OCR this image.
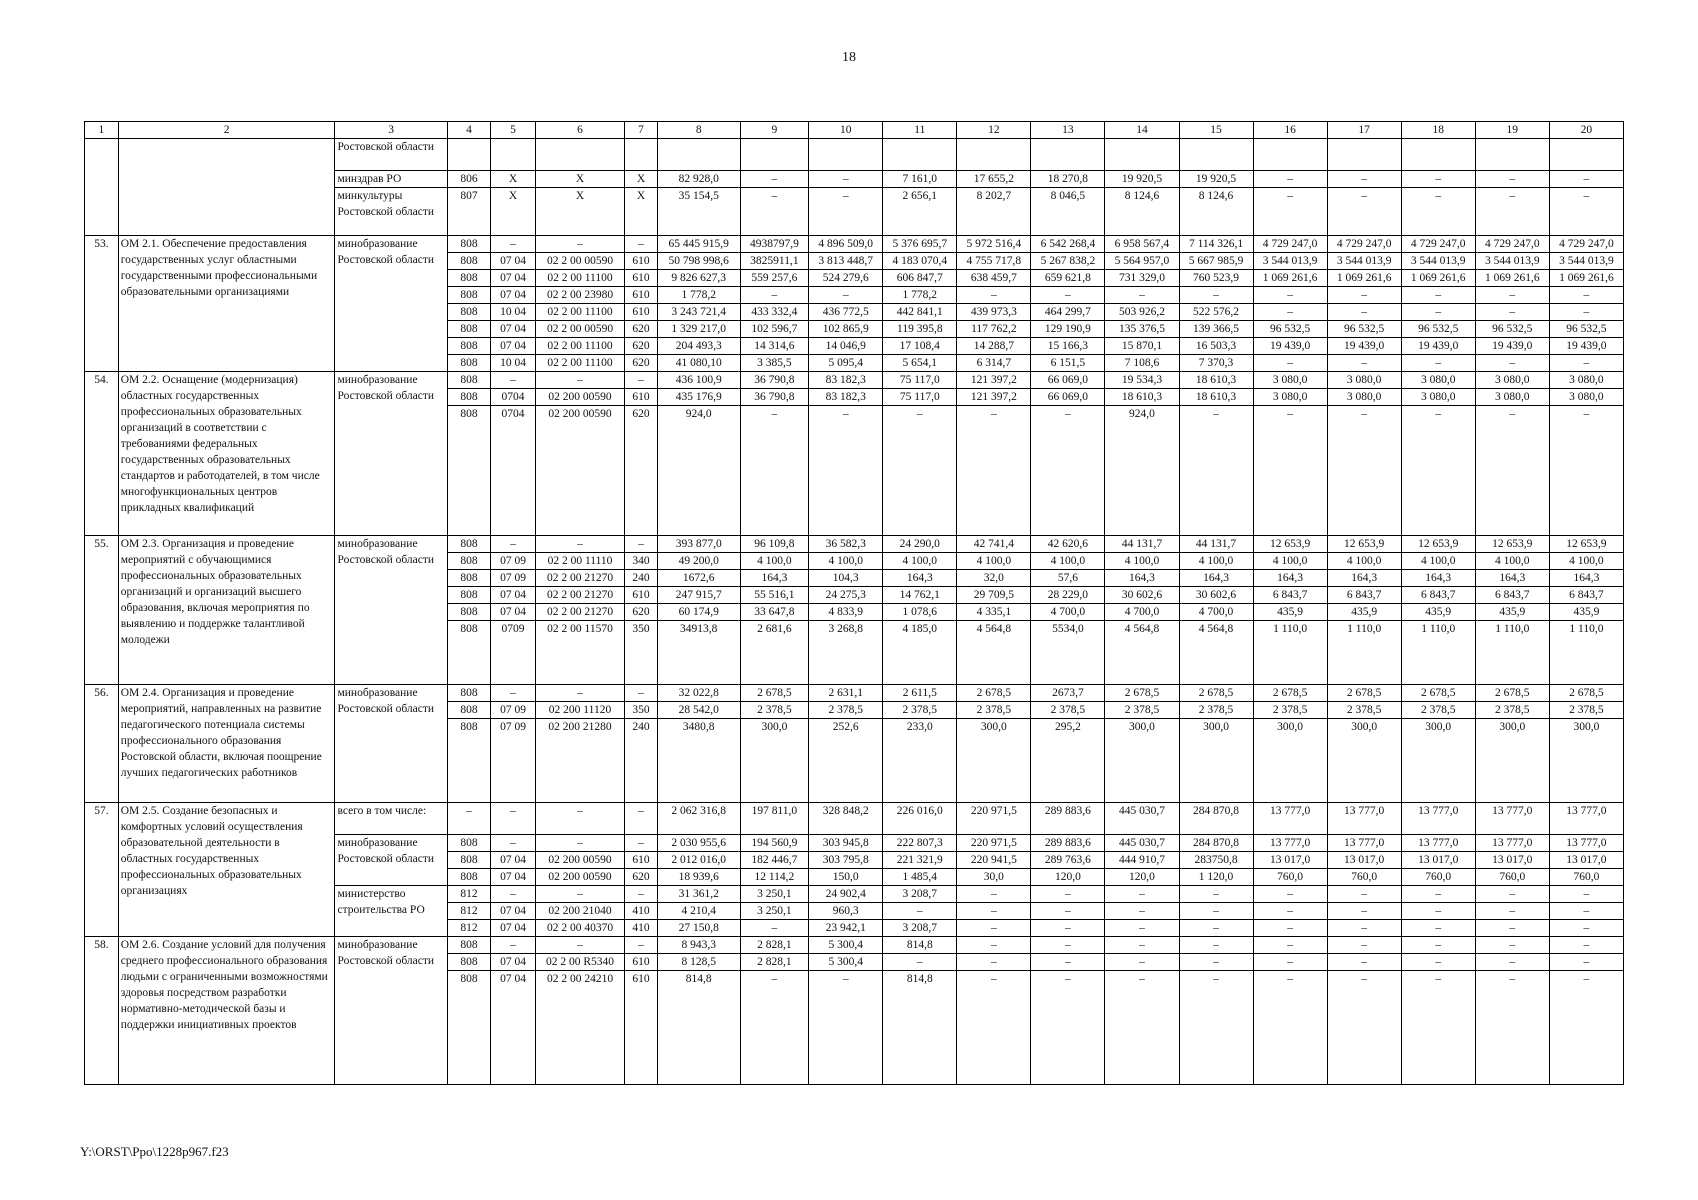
18
1	2	3	4	5	6	7	8	9	10	11	12	13	14	15	16	17	18	19	20

		Ростовской области																	

		минздрав РО	806	Х	Х	Х	82 928,0	–	–	7 161,0	17 655,2	18 270,8	19 920,5	19 920,5	–	–	–	–	–

		минкультуры Ростовской области	807	Х	Х	Х	35 154,5	–	–	2 656,1	8 202,7	8 046,5	8 124,6	8 124,6	–	–	–	–	–
53.	ОМ 2.1. Обеспечение предоставления государственных услуг областными государственными профессиональными образовательными организациями	минобразование Ростовской области	808	–	–	–	65 445 915,9	4938797,9	4 896 509,0	5 376 695,7	5 972 516,4	6 542 268,4	6 958 567,4	7 114 326,1	4 729 247,0	4 729 247,0	4 729 247,0	4 729 247,0	4 729 247,0
			808	07 04	02 2 00 00590	610	50 798 998,6	3825911,1	3 813 448,7	4 183 070,4	4 755 717,8	5 267 838,2	5 564 957,0	5 667 985,9	3 544 013,9	3 544 013,9	3 544 013,9	3 544 013,9	3 544 013,9
			808	07 04	02 2 00 11100	610	9 826 627,3	559 257,6	524 279,6	606 847,7	638 459,7	659 621,8	731 329,0	760 523,9	1 069 261,6	1 069 261,6	1 069 261,6	1 069 261,6	1 069 261,6
			808	07 04	02 2 00 23980	610	1 778,2	–	–	1 778,2	–	–	–	–	–	–	–	–	–
			808	10 04	02 2 00 11100	610	3 243 721,4	433 332,4	436 772,5	442 841,1	439 973,3	464 299,7	503 926,2	522 576,2	–	–	–	–	–
			808	07 04	02 2 00 00590	620	1 329 217,0	102 596,7	102 865,9	119 395,8	117 762,2	129 190,9	135 376,5	139 366,5	96 532,5	96 532,5	96 532,5	96 532,5	96 532,5
			808	07 04	02 2 00 11100	620	204 493,3	14 314,6	14 046,9	17 108,4	14 288,7	15 166,3	15 870,1	16 503,3	19 439,0	19 439,0	19 439,0	19 439,0	19 439,0
			808	10 04	02 2 00 11100	620	41 080,10	3 385,5	5 095,4	5 654,1	6 314,7	6 151,5	7 108,6	7 370,3	–	–	–	–	–
54.	ОМ 2.2. Оснащение (модернизация) областных государственных профессиональных образовательных организаций в соответствии с требованиями федеральных государственных образовательных стандартов и работодателей, в том числе многофункциональных центров прикладных квалификаций	минобразование Ростовской области	808	–	–	–	436 100,9	36 790,8	83 182,3	75 117,0	121 397,2	66 069,0	19 534,3	18 610,3	3 080,0	3 080,0	3 080,0	3 080,0	3 080,0
			808	0704	02 200 00590	610	435 176,9	36 790,8	83 182,3	75 117,0	121 397,2	66 069,0	18 610,3	18 610,3	3 080,0	3 080,0	3 080,0	3 080,0	3 080,0
			808	0704	02 200 00590	620	924,0	–	–	–	–	–	924,0	–	–	–	–	–	–
55.	ОМ 2.3. Организация и проведение мероприятий с обучающимися профессиональных образовательных организаций и организаций высшего образования, включая мероприятия по выявлению и поддержке талантливой молодежи	минобразование Ростовской области	808	–	–	–	393 877,0	96 109,8	36 582,3	24 290,0	42 741,4	42 620,6	44 131,7	44 131,7	12 653,9	12 653,9	12 653,9	12 653,9	12 653,9
			808	07 09	02 2 00 11110	340	49 200,0	4 100,0	4 100,0	4 100,0	4 100,0	4 100,0	4 100,0	4 100,0	4 100,0	4 100,0	4 100,0	4 100,0	4 100,0
			808	07 09	02 2 00 21270	240	1672,6	164,3	104,3	164,3	32,0	57,6	164,3	164,3	164,3	164,3	164,3	164,3	164,3
			808	07 04	02 2 00 21270	610	247 915,7	55 516,1	24 275,3	14 762,1	29 709,5	28 229,0	30 602,6	30 602,6	6 843,7	6 843,7	6 843,7	6 843,7	6 843,7
			808	07 04	02 2 00 21270	620	60 174,9	33 647,8	4 833,9	1 078,6	4 335,1	4 700,0	4 700,0	4 700,0	435,9	435,9	435,9	435,9	435,9
			808	0709	02 2 00 11570	350	34913,8	2 681,6	3 268,8	4 185,0	4 564,8	5534,0	4 564,8	4 564,8	1 110,0	1 110,0	1 110,0	1 110,0	1 110,0
56.	ОМ 2.4. Организация и проведение мероприятий, направленных на развитие педагогического потенциала системы профессионального образования Ростовской области, включая поощрение лучших педагогических работников	минобразование Ростовской области	808	–	–	–	32 022,8	2 678,5	2 631,1	2 611,5	2 678,5	2673,7	2 678,5	2 678,5	2 678,5	2 678,5	2 678,5	2 678,5	2 678,5
			808	07 09	02 200 11120	350	28 542,0	2 378,5	2 378,5	2 378,5	2 378,5	2 378,5	2 378,5	2 378,5	2 378,5	2 378,5	2 378,5	2 378,5	2 378,5
			808	07 09	02 200 21280	240	3480,8	300,0	252,6	233,0	300,0	295,2	300,0	300,0	300,0	300,0	300,0	300,0	300,0
57.	ОМ 2.5. Создание безопасных и комфортных условий осуществления образовательной деятельности в областных государственных профессиональных образовательных организациях	всего в том числе:	–	–	–	–	2 062 316,8	197 811,0	328 848,2	226 016,0	220 971,5	289 883,6	445 030,7	284 870,8	13 777,0	13 777,0	13 777,0	13 777,0	13 777,0

		минобразование Ростовской области	808	–	–	–	2 030 955,6	194 560,9	303 945,8	222 807,3	220 971,5	289 883,6	445 030,7	284 870,8	13 777,0	13 777,0	13 777,0	13 777,0	13 777,0
			808	07 04	02 200 00590	610	2 012 016,0	182 446,7	303 795,8	221 321,9	220 941,5	289 763,6	444 910,7	283750,8	13 017,0	13 017,0	13 017,0	13 017,0	13 017,0
			808	07 04	02 200 00590	620	18 939,6	12 114,2	150,0	1 485,4	30,0	120,0	120,0	1 120,0	760,0	760,0	760,0	760,0	760,0

		министерство строительства РО	812	–	–	–	31 361,2	3 250,1	24 902,4	3 208,7	–	–	–	–	–	–	–	–	–
			812	07 04	02 200 21040	410	4 210,4	3 250,1	960,3	–	–	–	–	–	–	–	–	–	–
			812	07 04	02 2 00 40370	410	27 150,8	–	23 942,1	3 208,7	–	–	–	–	–	–	–	–	–
58.	ОМ 2.6. Создание условий для получения среднего профессионального образования людьми с ограниченными возможностями здоровья посредством разработки нормативно-методической базы и поддержки инициативных проектов	минобразование Ростовской области	808	–	–	–	8 943,3	2 828,1	5 300,4	814,8	–	–	–	–	–	–	–	–	–
			808	07 04	02 2 00 R5340	610	8 128,5	2 828,1	5 300,4	–	–	–	–	–	–	–	–	–	–
			808	07 04	02 2 00 24210	610	814,8	–	–	814,8	–	–	–	–	–	–	–	–	–
Y:\ORST\Ppo\1228p967.f23
